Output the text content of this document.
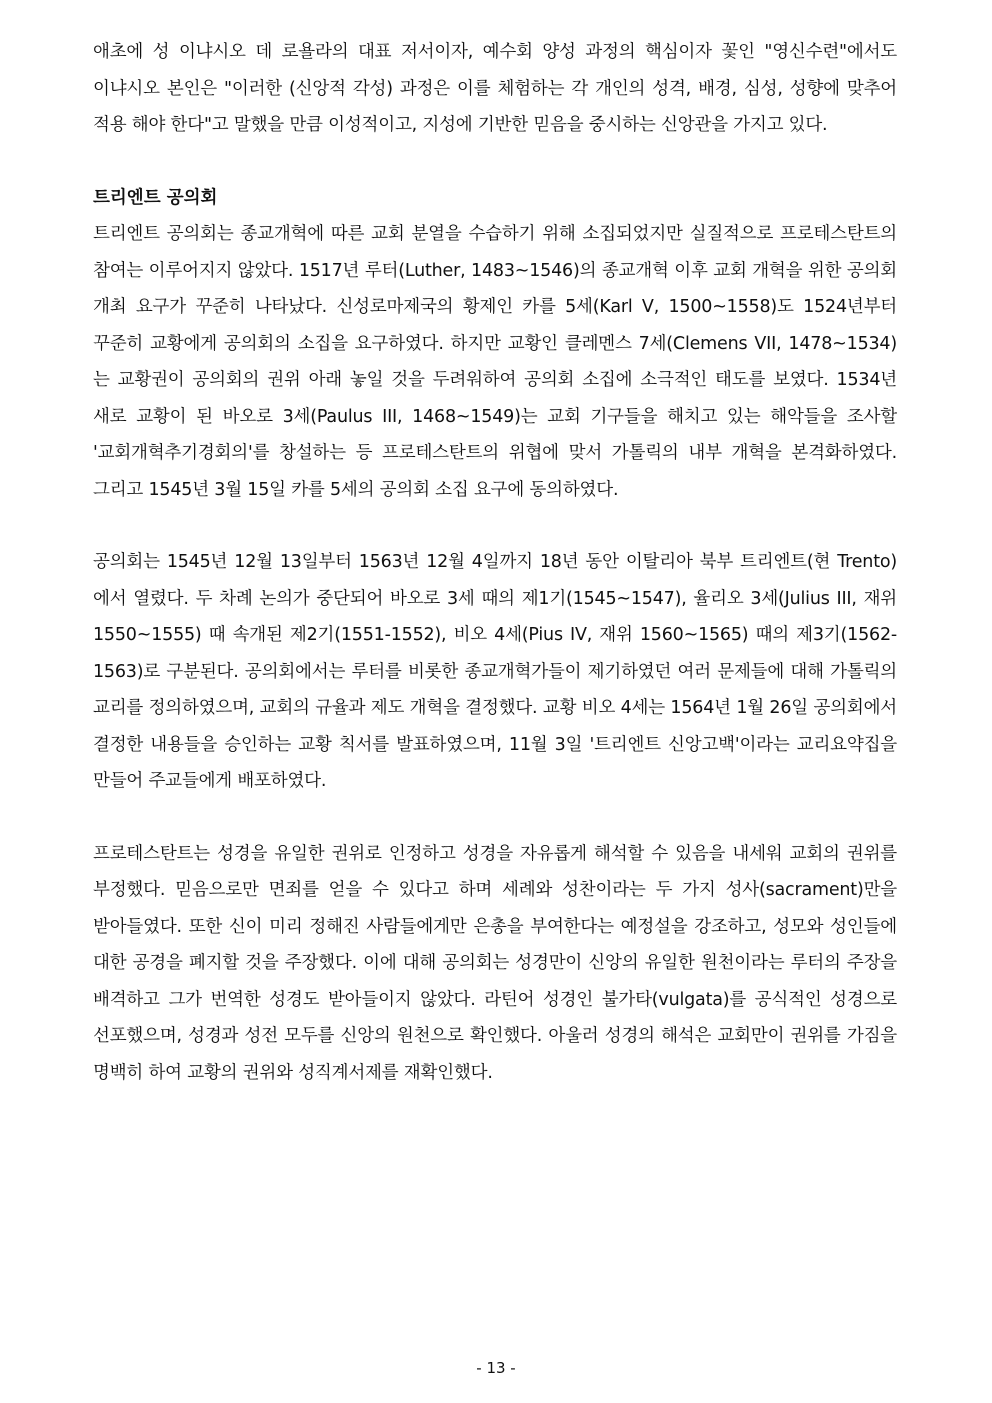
애초에 성 이냐시오 데 로욜라의 대표 저서이자, 예수회 양성 과정의 핵심이자 꽃인 "영신수련"에서도 이냐시오 본인은 "이러한 (신앙적 각성) 과정은 이를 체험하는 각 개인의 성격, 배경, 심성, 성향에 맞추어 적용 해야 한다"고 말했을 만큼 이성적이고, 지성에 기반한 믿음을 중시하는 신앙관을 가지고 있다.

트리엔트 공의회

트리엔트 공의회는 종교개혁에 따른 교회 분열을 수습하기 위해 소집되었지만 실질적으로 프로테스탄트의 참여는 이루어지지 않았다. 1517년 루터(Luther, 1483~1546)의 종교개혁 이후 교회 개혁을 위한 공의회 개최 요구가 꾸준히 나타났다. 신성로마제국의 황제인 카를 5세(Karl V, 1500~1558)도 1524년부터 꾸준히 교황에게 공의회의 소집을 요구하였다. 하지만 교황인 클레멘스 7세(Clemens VII, 1478~1534)는 교황권이 공의회의 권위 아래 놓일 것을 두려워하여 공의회 소집에 소극적인 태도를 보였다. 1534년 새로 교황이 된 바오로 3세(Paulus III, 1468~1549)는 교회 기구들을 해치고 있는 해악들을 조사할 '교회개혁추기경회의'를 창설하는 등 프로테스탄트의 위협에 맞서 가톨릭의 내부 개혁을 본격화하였다. 그리고 1545년 3월 15일 카를 5세의 공의회 소집 요구에 동의하였다.

공의회는 1545년 12월 13일부터 1563년 12월 4일까지 18년 동안 이탈리아 북부 트리엔트(현 Trento)에서 열렸다. 두 차례 논의가 중단되어 바오로 3세 때의 제1기(1545~1547), 율리오 3세(Julius III, 재위 1550~1555) 때 속개된 제2기(1551-1552), 비오 4세(Pius IV, 재위 1560~1565) 때의 제3기(1562-1563)로 구분된다. 공의회에서는 루터를 비롯한 종교개혁가들이 제기하였던 여러 문제들에 대해 가톨릭의 교리를 정의하였으며, 교회의 규율과 제도 개혁을 결정했다. 교황 비오 4세는 1564년 1월 26일 공의회에서 결정한 내용들을 승인하는 교황 칙서를 발표하였으며, 11월 3일 '트리엔트 신앙고백'이라는 교리요약집을 만들어 주교들에게 배포하였다.

프로테스탄트는 성경을 유일한 권위로 인정하고 성경을 자유롭게 해석할 수 있음을 내세워 교회의 권위를 부정했다. 믿음으로만 면죄를 얻을 수 있다고 하며 세례와 성찬이라는 두 가지 성사(sacrament)만을 받아들였다. 또한 신이 미리 정해진 사람들에게만 은총을 부여한다는 예정설을 강조하고, 성모와 성인들에 대한 공경을 폐지할 것을 주장했다. 이에 대해 공의회는 성경만이 신앙의 유일한 원천이라는 루터의 주장을 배격하고 그가 번역한 성경도 받아들이지 않았다. 라틴어 성경인 불가타(vulgata)를 공식적인 성경으로 선포했으며, 성경과 성전 모두를 신앙의 원천으로 확인했다. 아울러 성경의 해석은 교회만이 권위를 가짐을 명백히 하여 교황의 권위와 성직계서제를 재확인했다.

- 13 -
